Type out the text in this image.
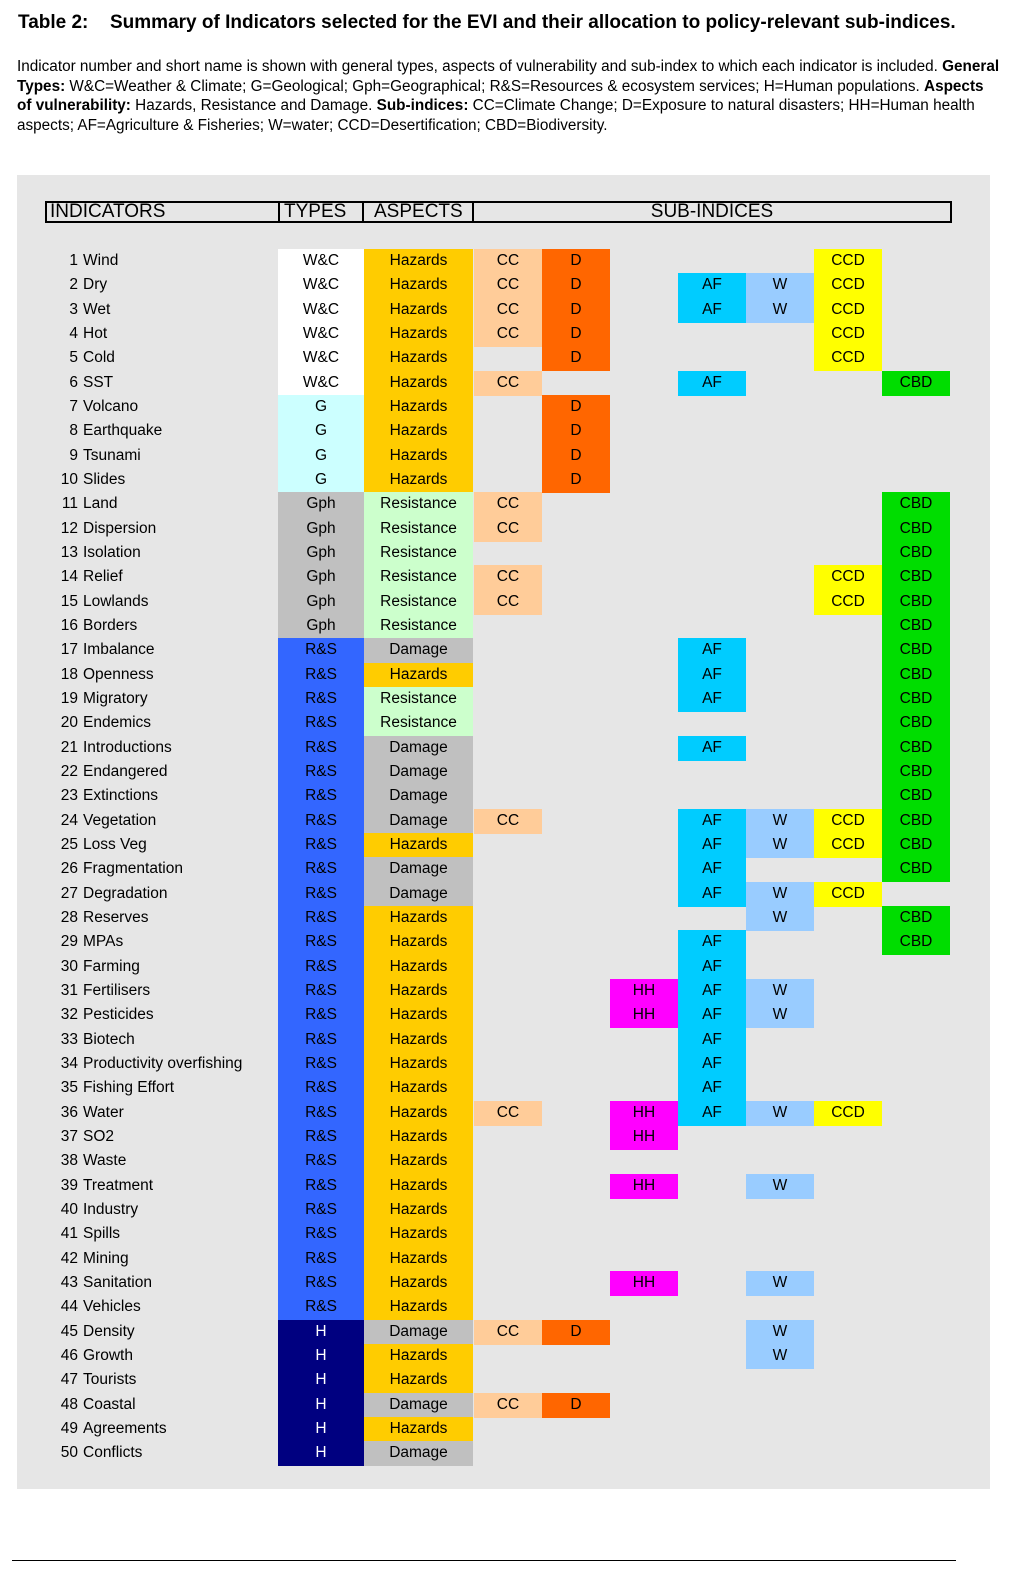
Table 2: Summary of Indicators selected for the EVI and their allocation to policy-relevant sub-indices.
Indicator number and short name is shown with general types, aspects of vulnerability and sub-index to which each indicator is included. General Types: W&C=Weather & Climate; G=Geological; Gph=Geographical; R&S=Resources & ecosystem services; H=Human populations. Aspects of vulnerability: Hazards, Resistance and Damage. Sub-indices: CC=Climate Change; D=Exposure to natural disasters; HH=Human health aspects; AF=Agriculture & Fisheries; W=water; CCD=Desertification; CBD=Biodiversity.
INDICATORS	TYPES	ASPECTS	SUB-INDICES
1 Wind	W&C	Hazards	CC	D	CCD
2 Dry	W&C	Hazards	CC	D	AF	W	CCD
3 Wet	W&C	Hazards	CC	D	AF	W	CCD
4 Hot	W&C	Hazards	CC	D	CCD
5 Cold	W&C	Hazards	D	CCD
6 SST	W&C	Hazards	CC	AF	CBD
7 Volcano	G	Hazards	D
8 Earthquake	G	Hazards	D
9 Tsunami	G	Hazards	D
10 Slides	G	Hazards	D
11 Land	Gph	Resistance	CC	CBD
12 Dispersion	Gph	Resistance	CC	CBD
13 Isolation	Gph	Resistance	CBD
14 Relief	Gph	Resistance	CC	CCD	CBD
15 Lowlands	Gph	Resistance	CC	CCD	CBD
16 Borders	Gph	Resistance	CBD
17 Imbalance	R&S	Damage	AF	CBD
18 Openness	R&S	Hazards	AF	CBD
19 Migratory	R&S	Resistance	AF	CBD
20 Endemics	R&S	Resistance	CBD
21 Introductions	R&S	Damage	AF	CBD
22 Endangered	R&S	Damage	CBD
23 Extinctions	R&S	Damage	CBD
24 Vegetation	R&S	Damage	CC	AF	W	CCD	CBD
25 Loss Veg	R&S	Hazards	AF	W	CCD	CBD
26 Fragmentation	R&S	Damage	AF	CBD
27 Degradation	R&S	Damage	AF	W	CCD
28 Reserves	R&S	Hazards	W	CBD
29 MPAs	R&S	Hazards	AF	CBD
30 Farming	R&S	Hazards	AF
31 Fertilisers	R&S	Hazards	HH	AF	W
32 Pesticides	R&S	Hazards	HH	AF	W
33 Biotech	R&S	Hazards	AF
34 Productivity overfishing	R&S	Hazards	AF
35 Fishing Effort	R&S	Hazards	AF
36 Water	R&S	Hazards	CC	HH	AF	W	CCD
37 SO2	R&S	Hazards	HH
38 Waste	R&S	Hazards
39 Treatment	R&S	Hazards	HH	W
40 Industry	R&S	Hazards
41 Spills	R&S	Hazards
42 Mining	R&S	Hazards
43 Sanitation	R&S	Hazards	HH	W
44 Vehicles	R&S	Hazards
45 Density	H	Damage	CC	D	W
46 Growth	H	Hazards	W
47 Tourists	H	Hazards
48 Coastal	H	Damage	CC	D
49 Agreements	H	Hazards
50 Conflicts	H	Damage
